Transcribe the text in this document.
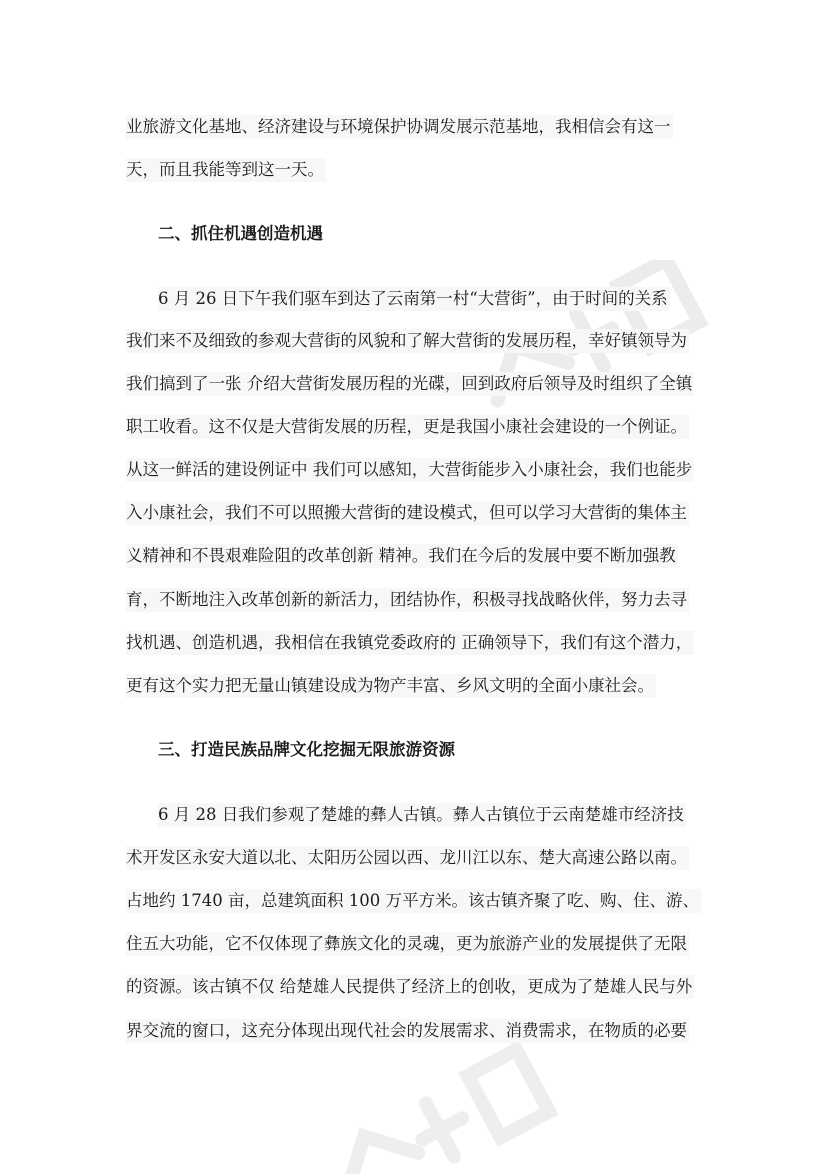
业旅游文化基地、经济建设与环境保护协调发展示范基地，我相信会有这一
天，而且我能等到这一天。
二、抓住机遇创造机遇
6 月 26 日下午我们驱车到达了云南第一村“大营街”，由于时间的关系
我们来不及细致的参观大营街的风貌和了解大营街的发展历程，幸好镇领导为
我们搞到了一张 介绍大营街发展历程的光碟，回到政府后领导及时组织了全镇
职工收看。这不仅是大营街发展的历程，更是我国小康社会建设的一个例证。
从这一鲜活的建设例证中 我们可以感知，大营街能步入小康社会，我们也能步
入小康社会，我们不可以照搬大营街的建设模式，但可以学习大营街的集体主
义精神和不畏艰难险阻的改革创新 精神。我们在今后的发展中要不断加强教
育，不断地注入改革创新的新活力，团结协作，积极寻找战略伙伴，努力去寻
找机遇、创造机遇，我相信在我镇党委政府的 正确领导下，我们有这个潜力，
更有这个实力把无量山镇建设成为物产丰富、乡风文明的全面小康社会。
三、打造民族品牌文化挖掘无限旅游资源
6 月 28 日我们参观了楚雄的彝人古镇。彝人古镇位于云南楚雄市经济技
术开发区永安大道以北、太阳历公园以西、龙川江以东、楚大高速公路以南。
占地约 1740 亩，总建筑面积 100 万平方米。该古镇齐聚了吃、购、住、游、
住五大功能，它不仅体现了彝族文化的灵魂，更为旅游产业的发展提供了无限
的资源。该古镇不仅 给楚雄人民提供了经济上的创收，更成为了楚雄人民与外
界交流的窗口，这充分体现出现代社会的发展需求、消费需求，在物质的必要
